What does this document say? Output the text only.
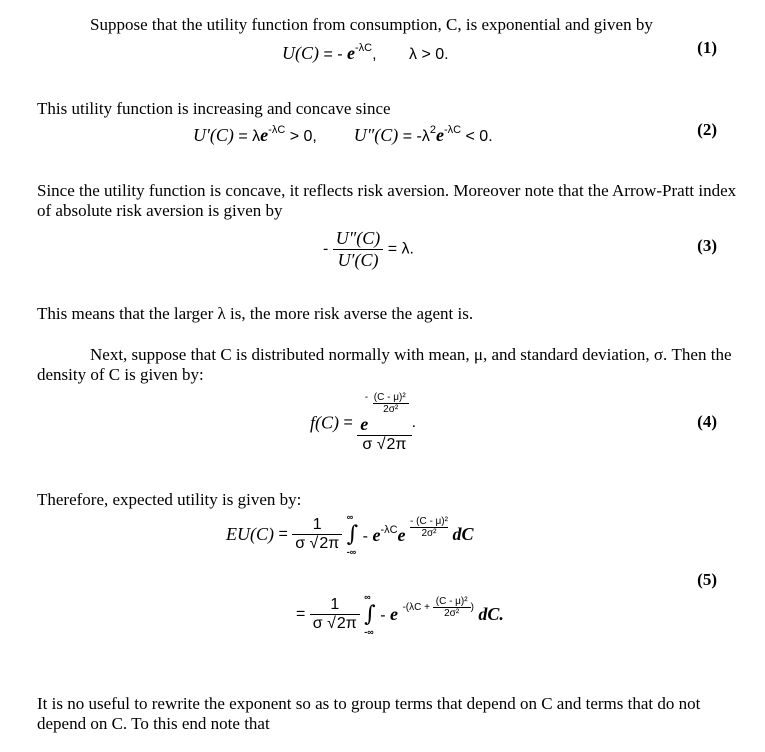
Suppose that the utility function from consumption, C, is exponential and given by

U(C) = - $e^{-\lambda C}$, λ > 0.	(1)

This utility function is increasing and concave since

$U'(C) = \lambda e^{-\lambda C} > 0$, $U''(C) = -\lambda^2e^{-\lambda C} < 0$.	(2)

Since the utility function is concave, it reflects risk aversion. Moreover note that the Arrow-Pratt index of absolute risk aversion is given by

- $\frac{U''(C)}{U'(C)} = \lambda$.	(3)

This means that the larger λ is, the more risk averse the agent is.

Next, suppose that C is distributed normally with mean, μ, and standard deviation, σ. Then the density of C is given by:

f(C) = e - (C - μ)²
2σ²
σ √2π .	(4)

Therefore, expected utility is given by:

$EU(C) = \frac{1}{\sigma √2\pi}$ ∫
∞
-∞
- $e^{-\lambda C}e - (C - \mu)^2$
2σ² dC
(5)
= $\frac{1}{\sigma √2\pi}$ ∫
∞
-∞
- e $^{-(\lambda C + \frac{\text{(C - μ)²}}{\text{2σ²}} )}$ dC.

It is no useful to rewrite the exponent so as to group terms that depend on C and terms that do not depend on C. To this end note that
